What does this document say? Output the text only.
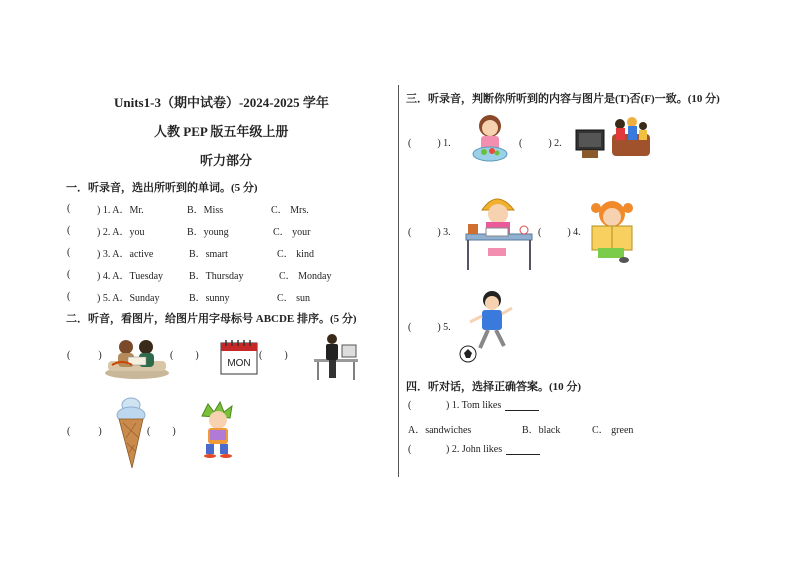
Units1-3（期中试卷）-2024-2025 学年
人教 PEP 版五年级上册
听力部分
一．听录音，选出所听到的单词。(5 分)
(	) 1. A．Mr.	B．Miss	C． Mrs.
(	) 2. A．you	B．young	C． your
(	) 3. A．active	B．smart	C． kind
(	) 4. A．Tuesday	B．Thursday	C． Monday
(	) 5. A．Sunday	B．sunny	C． sun
二．听音，看图片，给图片用字母标号 ABCDE 排序。(5 分)
(	)	( )	( )
(	)	( )
MON
三．听录音，判断你所听到的内容与图片是(T)否(F)一致。(10 分)
(	) 1.	(	) 2.
(	) 3.	(	) 4.
(	) 5.
四．听对话，选择正确答案。(10 分)
(	) 1. Tom likes
A．sandwiches	B．black	C． green
(	) 2. John likes
